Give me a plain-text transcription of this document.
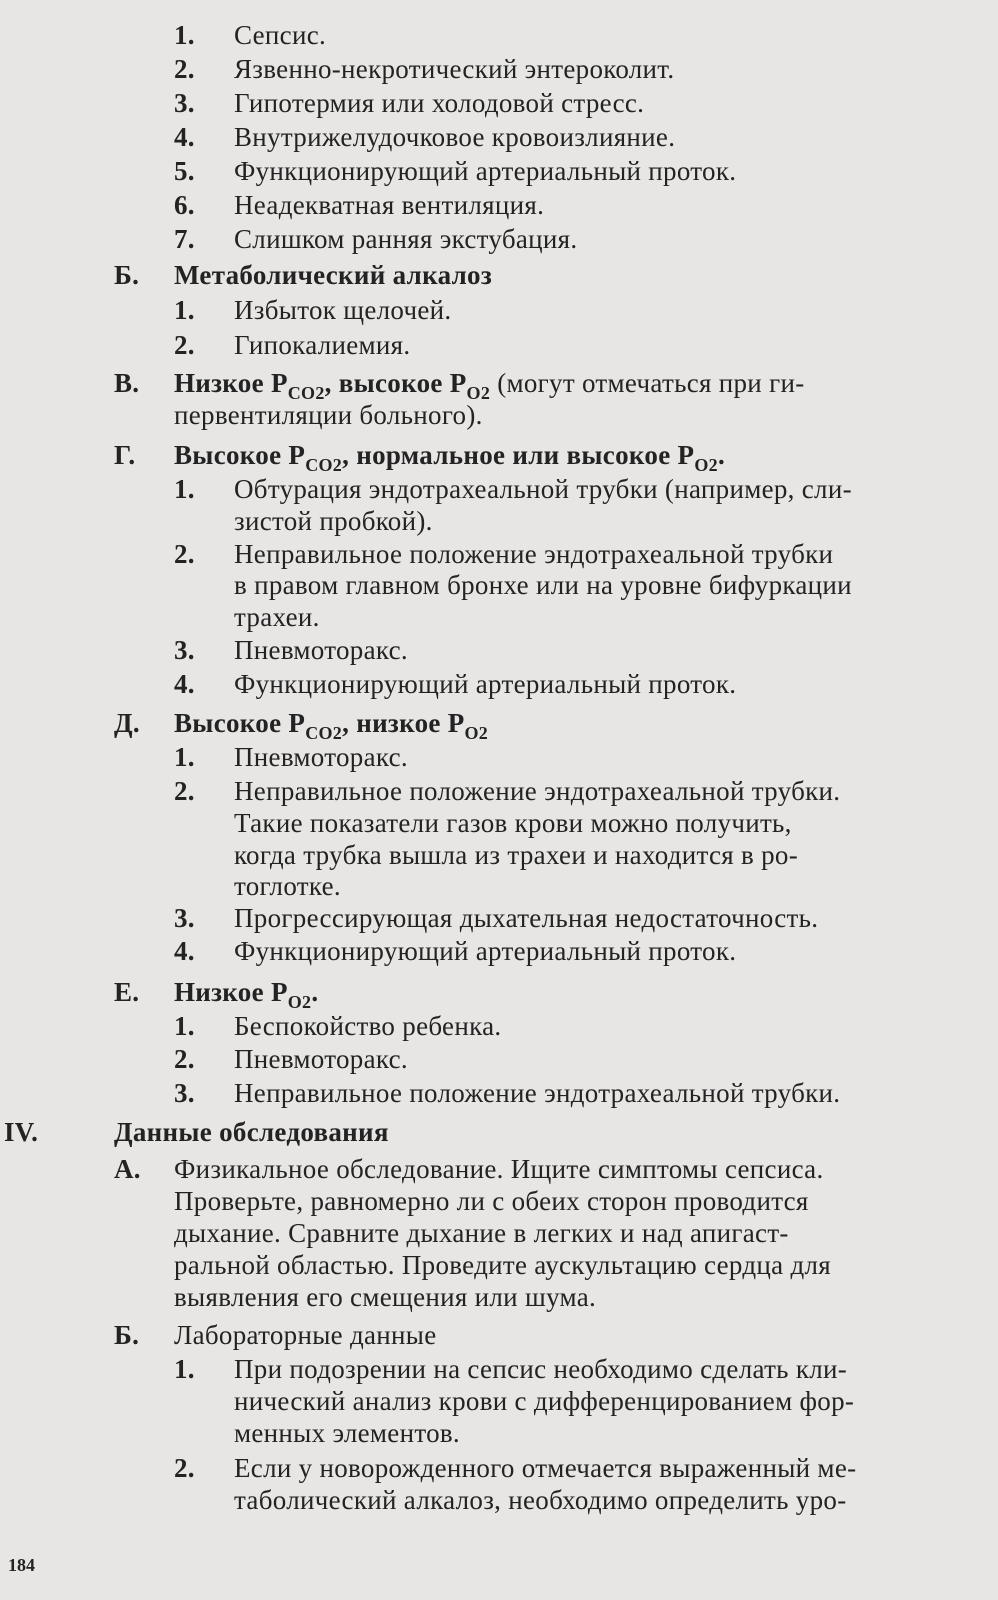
1. Сепсис.
2. Язвенно-некротический энтероколит.
3. Гипотермия или холодовой стресс.
4. Внутрижелудочковое кровоизлияние.
5. Функционирующий артериальный проток.
6. Неадекватная вентиляция.
7. Слишком ранняя экстубация.
Б. Метаболический алкалоз
1. Избыток щелочей.
2. Гипокалиемия.
В. Низкое $P_{CO2}$, высокое $P_{O2}$ (могут отмечаться при ги-
первентиляции больного).
Г. Высокое $P_{CO2}$, нормальное или высокое $P_{O2}$.
1. Обтурация эндотрахеальной трубки (например, сли-
зистой пробкой).
2. Неправильное положение эндотрахеальной трубки
в правом главном бронхе или на уровне бифуркации
трахеи.
3. Пневмоторакс.
4. Функционирующий артериальный проток.
Д. Высокое $P_{CO2}$, низкое $P_{O2}$
1. Пневмоторакс.
2. Неправильное положение эндотрахеальной трубки.
Такие показатели газов крови можно получить,
когда трубка вышла из трахеи и находится в ро-
тоглотке.
3. Прогрессирующая дыхательная недостаточность.
4. Функционирующий артериальный проток.
Е. Низкое $P_{O2}$.
1. Беспокойство ребенка.
2. Пневмоторакс.
3. Неправильное положение эндотрахеальной трубки.
IV.	Данные обследования
А. Физикальное обследование. Ищите симптомы сепсиса.
Проверьте, равномерно ли с обеих сторон проводится
дыхание. Сравните дыхание в легких и над апигаст-
ральной областью. Проведите аускультацию сердца для
выявления его смещения или шума.
Б. Лабораторные данные
1. При подозрении на сепсис необходимо сделать кли-
нический анализ крови с дифференцированием фор-
менных элементов.
2. Если у новорожденного отмечается выраженный ме-
таболический алкалоз, необходимо определить уро-
184
